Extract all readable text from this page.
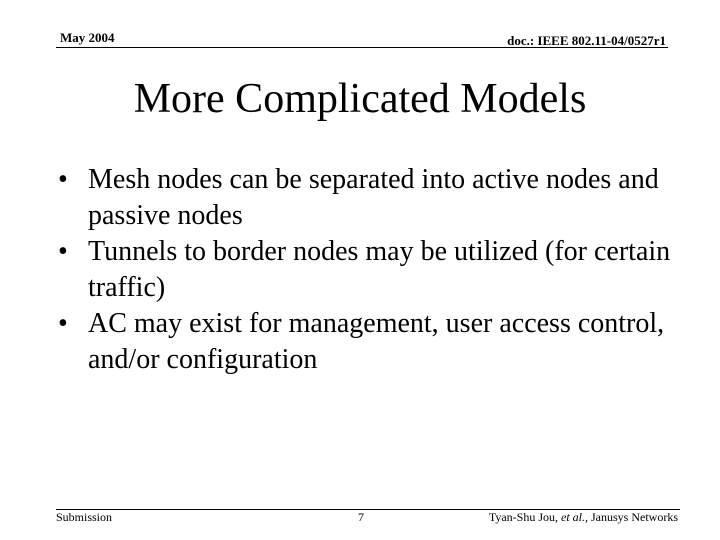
May 2004	doc.: IEEE 802.11-04/0527r1
More Complicated Models
• Mesh nodes can be separated into active nodes and passive nodes
• Tunnels to border nodes may be utilized (for certain traffic)
• AC may exist for management, user access control, and/or configuration
Submission	7	Tyan-Shu Jou, et al., Janusys Networks
